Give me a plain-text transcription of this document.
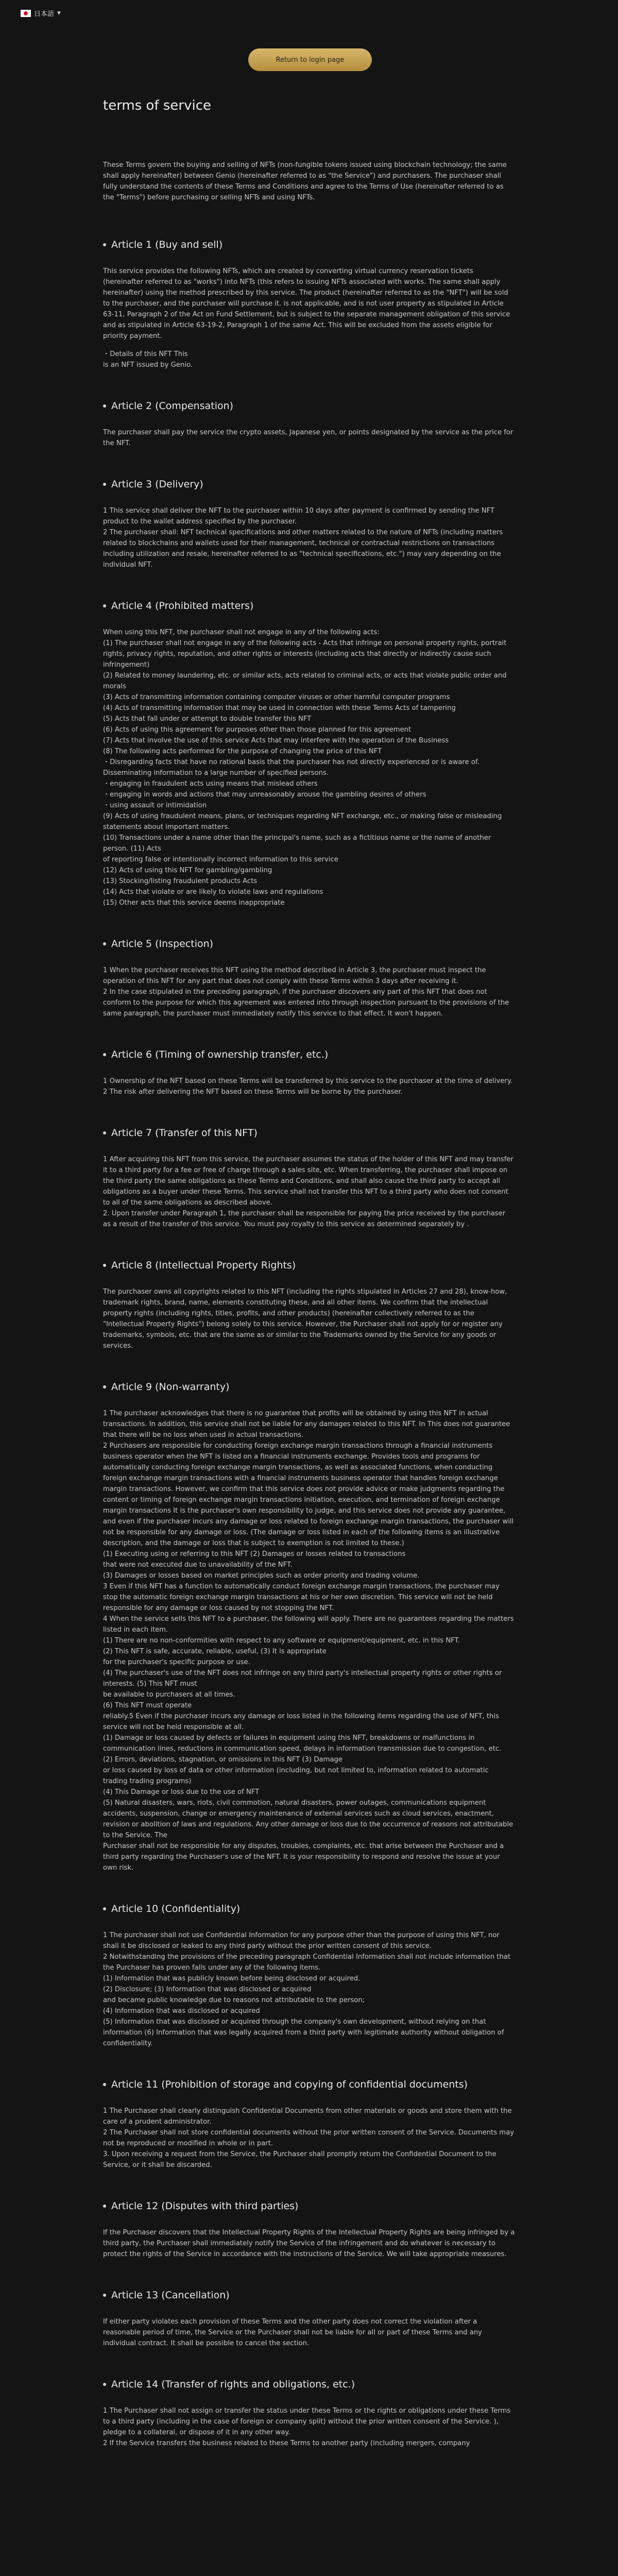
日本語 ▼
Return to login page
terms of service
These Terms govern the buying and selling of NFTs (non-fungible tokens issued using blockchain technology; the same shall apply hereinafter) between Genio (hereinafter referred to as "the Service") and purchasers. The purchaser shall fully understand the contents of these Terms and Conditions and agree to the Terms of Use (hereinafter referred to as the "Terms") before purchasing or selling NFTs and using NFTs.
Article 1 (Buy and sell)
This service provides the following NFTs, which are created by converting virtual currency reservation tickets (hereinafter referred to as "works") into NFTs (this refers to issuing NFTs associated with works. The same shall apply hereinafter) using the method prescribed by this service. The product (hereinafter referred to as the "NFT") will be sold to the purchaser, and the purchaser will purchase it. is not applicable, and is not user property as stipulated in Article 63-11, Paragraph 2 of the Act on Fund Settlement, but is subject to the separate management obligation of this service and as stipulated in Article 63-19-2, Paragraph 1 of the same Act. This will be excluded from the assets eligible for priority payment.
・Details of this NFT This
is an NFT issued by Genio.
Article 2 (Compensation)
The purchaser shall pay the service the crypto assets, Japanese yen, or points designated by the service as the price for the NFT.
Article 3 (Delivery)
1 This service shall deliver the NFT to the purchaser within 10 days after payment is confirmed by sending the NFT product to the wallet address specified by the purchaser.
2 The purchaser shall: NFT technical specifications and other matters related to the nature of NFTs (including matters related to blockchains and wallets used for their management, technical or contractual restrictions on transactions including utilization and resale, hereinafter referred to as "technical specifications, etc.") may vary depending on the individual NFT.
Article 4 (Prohibited matters)
When using this NFT, the purchaser shall not engage in any of the following acts:
(1) The purchaser shall not engage in any of the following acts - Acts that infringe on personal property rights, portrait rights, privacy rights, reputation, and other rights or interests (including acts that directly or indirectly cause such infringement)
(2) Related to money laundering, etc. or similar acts, acts related to criminal acts, or acts that violate public order and morals
(3) Acts of transmitting information containing computer viruses or other harmful computer programs
(4) Acts of transmitting information that may be used in connection with these Terms Acts of tampering
(5) Acts that fall under or attempt to double transfer this NFT
(6) Acts of using this agreement for purposes other than those planned for this agreement
(7) Acts that involve the use of this service Acts that may interfere with the operation of the Business
(8) The following acts performed for the purpose of changing the price of this NFT
・Disregarding facts that have no rational basis that the purchaser has not directly experienced or is aware of. Disseminating information to a large number of specified persons.
・engaging in fraudulent acts using means that mislead others
・engaging in words and actions that may unreasonably arouse the gambling desires of others
・using assault or intimidation
(9) Acts of using fraudulent means, plans, or techniques regarding NFT exchange, etc., or making false or misleading statements about important matters.
(10) Transactions under a name other than the principal's name, such as a fictitious name or the name of another person. (11) Acts
of reporting false or intentionally incorrect information to this service
(12) Acts of using this NFT for gambling/gambling
(13) Stocking/listing fraudulent products Acts
(14) Acts that violate or are likely to violate laws and regulations
(15) Other acts that this service deems inappropriate
Article 5 (Inspection)
1 When the purchaser receives this NFT using the method described in Article 3, the purchaser must inspect the operation of this NFT for any part that does not comply with these Terms within 3 days after receiving it.
2 In the case stipulated in the preceding paragraph, if the purchaser discovers any part of this NFT that does not conform to the purpose for which this agreement was entered into through inspection pursuant to the provisions of the same paragraph, the purchaser must immediately notify this service to that effect. It won't happen.
Article 6 (Timing of ownership transfer, etc.)
1 Ownership of the NFT based on these Terms will be transferred by this service to the purchaser at the time of delivery.
2 The risk after delivering the NFT based on these Terms will be borne by the purchaser.
Article 7 (Transfer of this NFT)
1 After acquiring this NFT from this service, the purchaser assumes the status of the holder of this NFT and may transfer it to a third party for a fee or free of charge through a sales site, etc. When transferring, the purchaser shall impose on the third party the same obligations as these Terms and Conditions, and shall also cause the third party to accept all obligations as a buyer under these Terms. This service shall not transfer this NFT to a third party who does not consent to all of the same obligations as described above.
2. Upon transfer under Paragraph 1, the purchaser shall be responsible for paying the price received by the purchaser as a result of the transfer of this service. You must pay royalty to this service as determined separately by .
Article 8 (Intellectual Property Rights)
The purchaser owns all copyrights related to this NFT (including the rights stipulated in Articles 27 and 28), know-how, trademark rights, brand, name, elements constituting these, and all other items. We confirm that the intellectual property rights (including rights, titles, profits, and other products) (hereinafter collectively referred to as the "Intellectual Property Rights") belong solely to this service. However, the Purchaser shall not apply for or register any trademarks, symbols, etc. that are the same as or similar to the Trademarks owned by the Service for any goods or services.
Article 9 (Non-warranty)
1 The purchaser acknowledges that there is no guarantee that profits will be obtained by using this NFT in actual transactions. In addition, this service shall not be liable for any damages related to this NFT. In This does not guarantee that there will be no loss when used in actual transactions.
2 Purchasers are responsible for conducting foreign exchange margin transactions through a financial instruments business operator when the NFT is listed on a financial instruments exchange. Provides tools and programs for automatically conducting foreign exchange margin transactions, as well as associated functions, when conducting foreign exchange margin transactions with a financial instruments business operator that handles foreign exchange margin transactions. However, we confirm that this service does not provide advice or make judgments regarding the content or timing of foreign exchange margin transactions initiation, execution, and termination of foreign exchange margin transactions It is the purchaser's own responsibility to judge, and this service does not provide any guarantee, and even if the purchaser incurs any damage or loss related to foreign exchange margin transactions, the purchaser will not be responsible for any damage or loss. (The damage or loss listed in each of the following items is an illustrative description, and the damage or loss that is subject to exemption is not limited to these.)
(1) Executing using or referring to this NFT (2) Damages or losses related to transactions
that were not executed due to unavailability of the NFT.
(3) Damages or losses based on market principles such as order priority and trading volume.
3 Even if this NFT has a function to automatically conduct foreign exchange margin transactions, the purchaser may stop the automatic foreign exchange margin transactions at his or her own discretion. This service will not be held responsible for any damage or loss caused by not stopping the NFT.
4 When the service sells this NFT to a purchaser, the following will apply. There are no guarantees regarding the matters listed in each item.
(1) There are no non-conformities with respect to any software or equipment/equipment, etc. in this NFT.
(2) This NFT is safe, accurate, reliable, useful, (3) It is appropriate
for the purchaser's specific purpose or use.
(4) The purchaser's use of the NFT does not infringe on any third party's intellectual property rights or other rights or interests. (5) This NFT must
be available to purchasers at all times.
(6) This NFT must operate
reliably.5 Even if the purchaser incurs any damage or loss listed in the following items regarding the use of NFT, this service will not be held responsible at all.
(1) Damage or loss caused by defects or failures in equipment using this NFT, breakdowns or malfunctions in communication lines, reductions in communication speed, delays in information transmission due to congestion, etc.
(2) Errors, deviations, stagnation, or omissions in this NFT (3) Damage
or loss caused by loss of data or other information (including, but not limited to, information related to automatic trading trading programs)
(4) This Damage or loss due to the use of NFT
(5) Natural disasters, wars, riots, civil commotion, natural disasters, power outages, communications equipment accidents, suspension, change or emergency maintenance of external services such as cloud services, enactment, revision or abolition of laws and regulations. Any other damage or loss due to the occurrence of reasons not attributable to the Service. The
Purchaser shall not be responsible for any disputes, troubles, complaints, etc. that arise between the Purchaser and a third party regarding the Purchaser's use of the NFT. It is your responsibility to respond and resolve the issue at your own risk.
Article 10 (Confidentiality)
1 The purchaser shall not use Confidential Information for any purpose other than the purpose of using this NFT, nor shall it be disclosed or leaked to any third party without the prior written consent of this service.
2 Notwithstanding the provisions of the preceding paragraph Confidential Information shall not include information that the Purchaser has proven falls under any of the following items.
(1) Information that was publicly known before being disclosed or acquired.
(2) Disclosure; (3) Information that was disclosed or acquired
and became public knowledge due to reasons not attributable to the person;
(4) Information that was disclosed or acquired
(5) Information that was disclosed or acquired through the company's own development, without relying on that information (6) Information that was legally acquired from a third party with legitimate authority without obligation of confidentiality.
Article 11 (Prohibition of storage and copying of confidential documents)
1 The Purchaser shall clearly distinguish Confidential Documents from other materials or goods and store them with the care of a prudent administrator.
2 The Purchaser shall not store confidential documents without the prior written consent of the Service. Documents may not be reproduced or modified in whole or in part.
3. Upon receiving a request from the Service, the Purchaser shall promptly return the Confidential Document to the Service, or it shall be discarded.
Article 12 (Disputes with third parties)
If the Purchaser discovers that the Intellectual Property Rights of the Intellectual Property Rights are being infringed by a third party, the Purchaser shall immediately notify the Service of the infringement and do whatever is necessary to protect the rights of the Service in accordance with the instructions of the Service. We will take appropriate measures.
Article 13 (Cancellation)
If either party violates each provision of these Terms and the other party does not correct the violation after a reasonable period of time, the Service or the Purchaser shall not be liable for all or part of these Terms and any individual contract. It shall be possible to cancel the section.
Article 14 (Transfer of rights and obligations, etc.)
1 The Purchaser shall not assign or transfer the status under these Terms or the rights or obligations under these Terms to a third party (including in the case of foreign or company split) without the prior written consent of the Service. ), pledge to a collateral, or dispose of it in any other way.
2 If the Service transfers the business related to these Terms to another party (including mergers, company
